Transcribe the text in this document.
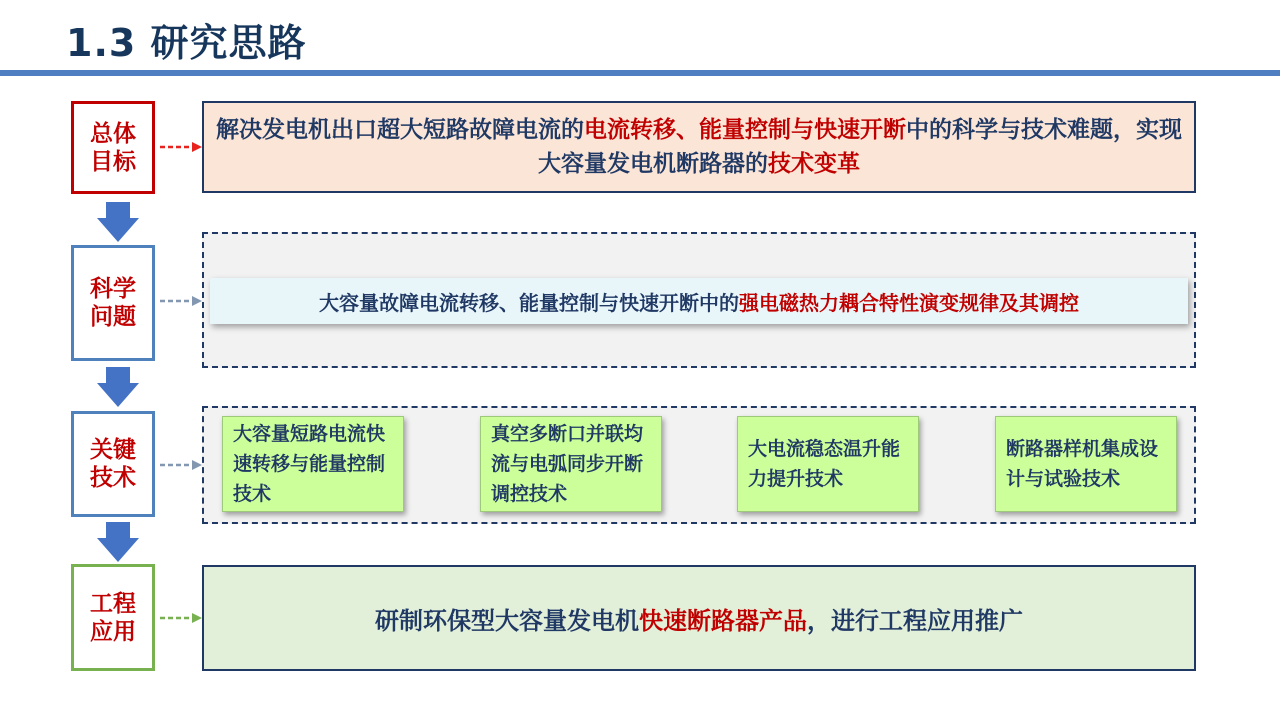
1.3 研究思路
总体
目标
科学
问题
关键
技术
工程
应用
解决发电机出口超大短路故障电流的电流转移、能量控制与快速开断中的科学与技术难题，实现大容量发电机断路器的技术变革
大容量故障电流转移、能量控制与快速开断中的 强电磁热力耦合特性演变规律及其调控
大容量短路电流快速转移与能量控制技术
真空多断口并联均流与电弧同步开断调控技术
大电流稳态温升能力提升技术
断路器样机集成设计与试验技术
研制环保型大容量发电机 快速断路器产品 ，进行工程应用推广
